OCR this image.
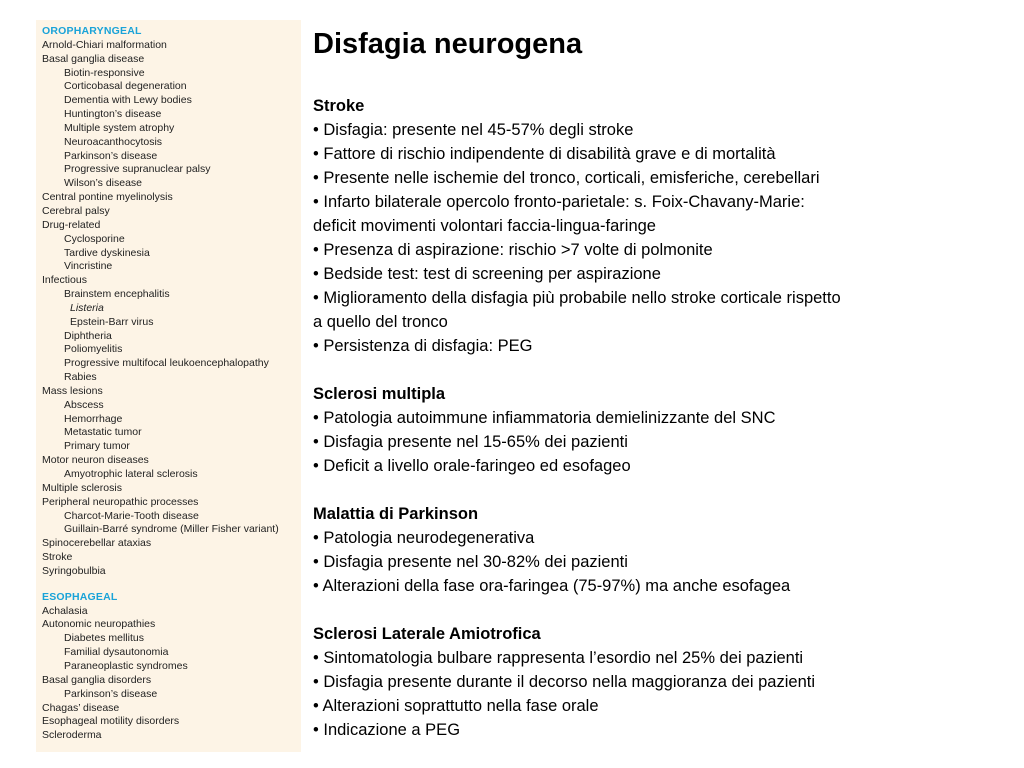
OROPHARYNGEAL
Arnold-Chiari malformation
Basal ganglia disease
Biotin-responsive
Corticobasal degeneration
Dementia with Lewy bodies
Huntington’s disease
Multiple system atrophy
Neuroacanthocytosis
Parkinson’s disease
Progressive supranuclear palsy
Wilson’s disease
Central pontine myelinolysis
Cerebral palsy
Drug-related
Cyclosporine
Tardive dyskinesia
Vincristine
Infectious
Brainstem encephalitis
Listeria
Epstein-Barr virus
Diphtheria
Poliomyelitis
Progressive multifocal leukoencephalopathy
Rabies
Mass lesions
Abscess
Hemorrhage
Metastatic tumor
Primary tumor
Motor neuron diseases
Amyotrophic lateral sclerosis
Multiple sclerosis
Peripheral neuropathic processes
Charcot-Marie-Tooth disease
Guillain-Barré syndrome (Miller Fisher variant)
Spinocerebellar ataxias
Stroke
Syringobulbia
ESOPHAGEAL
Achalasia
Autonomic neuropathies
Diabetes mellitus
Familial dysautonomia
Paraneoplastic syndromes
Basal ganglia disorders
Parkinson’s disease
Chagas’ disease
Esophageal motility disorders
Scleroderma
Disfagia neurogena
Stroke
• Disfagia: presente nel 45-57% degli stroke
• Fattore di rischio indipendente di disabilità grave e di mortalità
• Presente nelle ischemie del tronco, corticali, emisferiche, cerebellari
• Infarto bilaterale opercolo fronto-parietale: s. Foix-Chavany-Marie:
deficit movimenti volontari faccia-lingua-faringe
• Presenza di aspirazione: rischio >7 volte di polmonite
• Bedside test: test di screening per aspirazione
• Miglioramento della disfagia più probabile nello stroke corticale rispetto
a quello del tronco
• Persistenza di disfagia: PEG
Sclerosi multipla
• Patologia autoimmune infiammatoria demielinizzante del SNC
• Disfagia presente nel 15-65% dei pazienti
• Deficit a livello orale-faringeo ed esofageo
Malattia di Parkinson
• Patologia neurodegenerativa
• Disfagia presente nel 30-82% dei pazienti
• Alterazioni della fase ora-faringea (75-97%) ma anche esofagea
Sclerosi Laterale Amiotrofica
• Sintomatologia bulbare rappresenta l’esordio nel 25% dei pazienti
• Disfagia presente durante il decorso nella maggioranza dei pazienti
• Alterazioni soprattutto nella fase orale
• Indicazione a PEG
